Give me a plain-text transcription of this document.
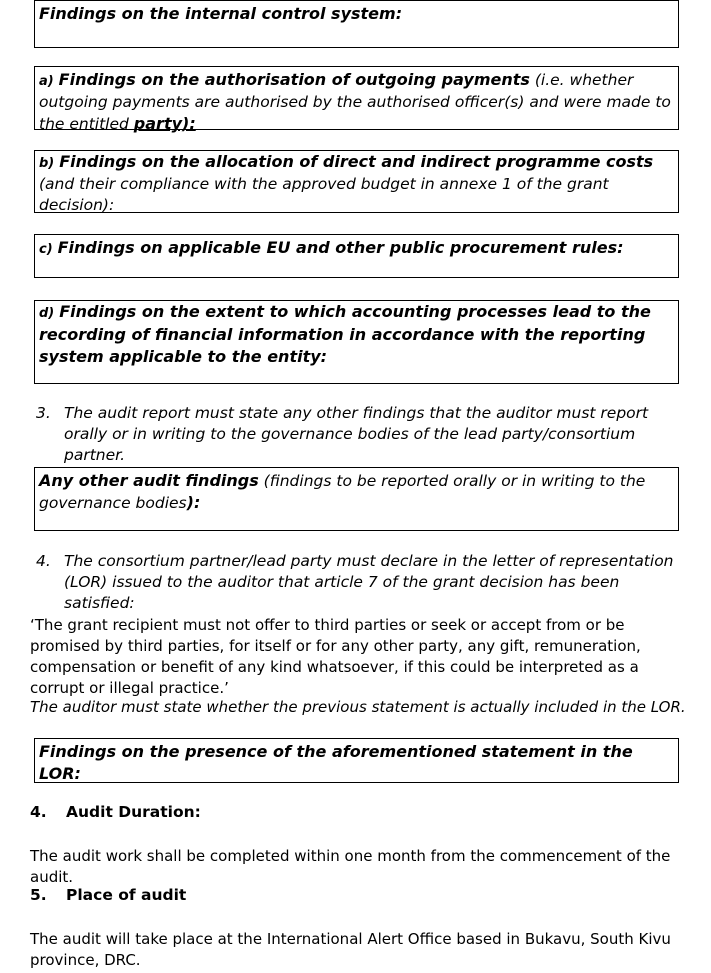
Findings on the internal control system:
a) Findings on the authorisation of outgoing payments (i.e. whether outgoing payments are authorised by the authorised officer(s) and were made to the entitled party):
b) Findings on the allocation of direct and indirect programme costs (and their compliance with the approved budget in annexe 1 of the grant decision):
c) Findings on applicable EU and other public procurement rules:
d) Findings on the extent to which accounting processes lead to the recording of financial information in accordance with the reporting system applicable to the entity:
3. The audit report must state any other findings that the auditor must report orally or in writing to the governance bodies of the lead party/consortium partner.
Any other audit findings (findings to be reported orally or in writing to the governance bodies):
4. The consortium partner/lead party must declare in the letter of representation (LOR) issued to the auditor that article 7 of the grant decision has been satisfied:
‘The grant recipient must not offer to third parties or seek or accept from or be promised by third parties, for itself or for any other party, any gift, remuneration, compensation or benefit of any kind whatsoever, if this could be interpreted as a corrupt or illegal practice.’
The auditor must state whether the previous statement is actually included in the LOR.
Findings on the presence of the aforementioned statement in the LOR:
4. Audit Duration:
The audit work shall be completed within one month from the commencement of the audit.
5. Place of audit
The audit will take place at the International Alert Office based in Bukavu, South Kivu province, DRC.
